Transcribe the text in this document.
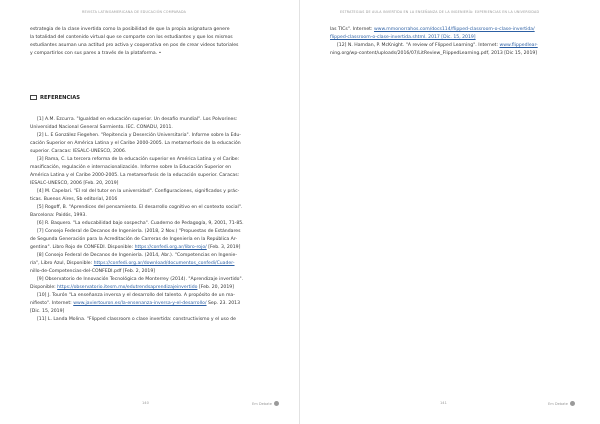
REVISTA LATINOAMERICANA DE EDUCACIÓN COMPARADA

estrategia de la clase invertida como la posibilidad de que la propia asignatura genere

la totalidad del contenido virtual que se comparte con los estudiantes y que los mismos

estudiantes asuman una actitud pro activa y cooperativa en pos de crear videos tutoriales

y compartirlos con sus pares a través de la plataforma. •

REFERENCIAS

[1] A.M. Ezcurra. "Igualdad en educación superior. Un desafío mundial". Los Polvorines:

Universidad Nacional General Sarmiento. IEC. CONADU, 2011.

[2] L. E González Fiegehen. "Repitencia y Deserción Universitaria". Informe sobre la Edu-

cación Superior en América Latina y el Caribe 2000-2005. La metamorfosis de la educación

superior. Caracas: IESALC-UNESCO, 2006.

[3] Rama, C. La tercera reforma de la educación superior en América Latina y el Caribe:

masificación, regulación e internacionalización. Informe sobre la Educación Superior en

América Latina y el Caribe 2000-2005. La metamorfosis de la educación superior. Caracas:

IESALC-UNESCO, 2006 [Feb. 20, 2019]

[4] M. Capelari. "El rol del tutor en la universidad". Configuraciones, significados y prác-

ticas. Buenos Aires, Sb editorial, 2016

[5] Rogoff, B. "Aprendices del pensamiento. El desarrollo cognitivo en el contexto social".

Barcelona: Paidós, 1993.

[6] R. Baquero. "La educabilidad bajo sospecha". Cuaderno de Pedagogía, 9, 2001, 71-85.

[7] Consejo Federal de Decanos de Ingeniería. (2018, 2 Nov.) "Propuestas de Estándares

de Segunda Generación para la Acreditación de Carreras de Ingeniería en la República Ar-

gentina". Libro Rojo de CONFEDI. Disponible: https://confedi.org.ar/libro-rojo/ [Feb. 3, 2019]

[8] Consejo Federal de Decanos de Ingeniería. (2014, Abr.). "Competencias en Ingenie-

ría", Libro Azul, Disponible: https://confedi.org.ar/download/documentos_confedi/Cuader-

nillo-de-Competencias-del-CONFEDI.pdf [Feb. 2, 2019]

[9] Observatorio de Innovación Tecnológica de Monterrey (2014). "Aprendizaje invertido".

Disponible: https://observatorio.itesm.mx/edutrendsaprendizajeinvertido [Feb. 20, 2019]

[10] J. Tourón "La enseñanza inversa y el desarrollo del talento. A propósito de un ma-

nifiesto". Internet: www.javiertouron.es/la-ensenanza-inversa-y-el-desarrollo/ Sep. 23. 2013

[Dic. 15, 2019]

[11] L. Landa Molina. "Flipped classroom o clase invertida: constructivismo y el uso de

140	Em Debate
ESTRATEGIAS DE AULA INVERTIDA EN LA ENSEÑANZA DE LA INGENIERÍA: EXPERIENCIAS EN LA UNIVERSIDAD

las TICs". Internet: www.mmonorrahos.com/docs114/flipped-classroom-o-clase-invertida/

flipped-classroom-o-clase-invertida.shtml. 2017 [Dic. 15, 2019]

[12] N. Hamdan, P. McKnight. "A review of Flipped Learning". Internet: www.flippedlear-

ning.org/wp-content/uploads/2016/07/LitReview_FlippedLearning.pdf, 2013 [Dic 15, 2019]

141	Em Debate
